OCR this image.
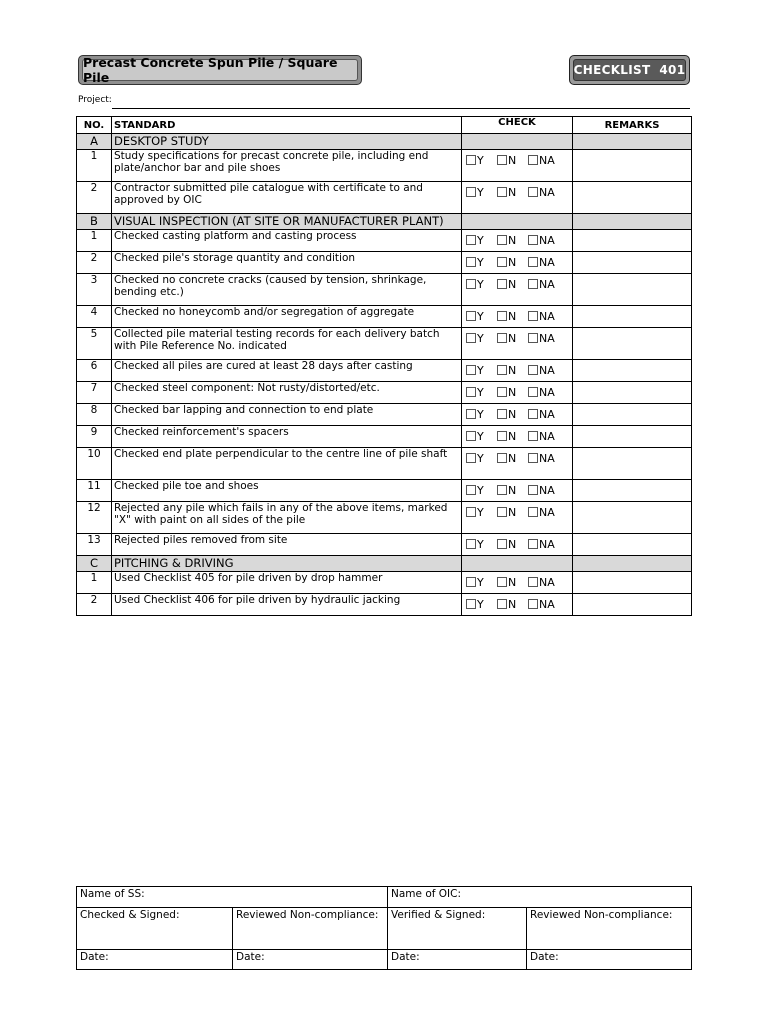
Precast Concrete Spun Pile / Square Pile	CHECKLIST  401
Project:
NO.	STANDARD	CHECK	REMARKS
A	DESKTOP STUDY		
1	Study specifications for precast concrete pile, including end plate/anchor bar and pile shoes	Y N NA	
2	Contractor submitted pile catalogue with certificate to and approved by OIC	Y N NA	
B	VISUAL INSPECTION (AT SITE OR MANUFACTURER PLANT)		
1	Checked casting platform and casting process	Y N NA	
2	Checked pile's storage quantity and condition	Y N NA	
3	Checked no concrete cracks (caused by tension, shrinkage, bending etc.)	Y N NA	
4	Checked no honeycomb and/or segregation of aggregate	Y N NA	
5	Collected pile material testing records for each delivery batch with Pile Reference No. indicated	Y N NA	
6	Checked all piles are cured at least 28 days after casting	Y N NA	
7	Checked steel component: Not rusty/distorted/etc.	Y N NA	
8	Checked bar lapping and connection to end plate	Y N NA	
9	Checked reinforcement's spacers	Y N NA	
10	Checked end plate perpendicular to the centre line of pile shaft	Y N NA	
11	Checked pile toe and shoes	Y N NA	
12	Rejected any pile which fails in any of the above items, marked "X" with paint on all sides of the pile	Y N NA	
13	Rejected piles removed from site	Y N NA	
C	PITCHING & DRIVING		
1	Used Checklist 405 for pile driven by drop hammer	Y N NA	
2	Used Checklist 406 for pile driven by hydraulic jacking	Y N NA	
Name of SS:		Name of OIC:	
Checked & Signed:	Reviewed Non-compliance:	Verified & Signed:	Reviewed Non-compliance:
Date:	Date:	Date:	Date:
